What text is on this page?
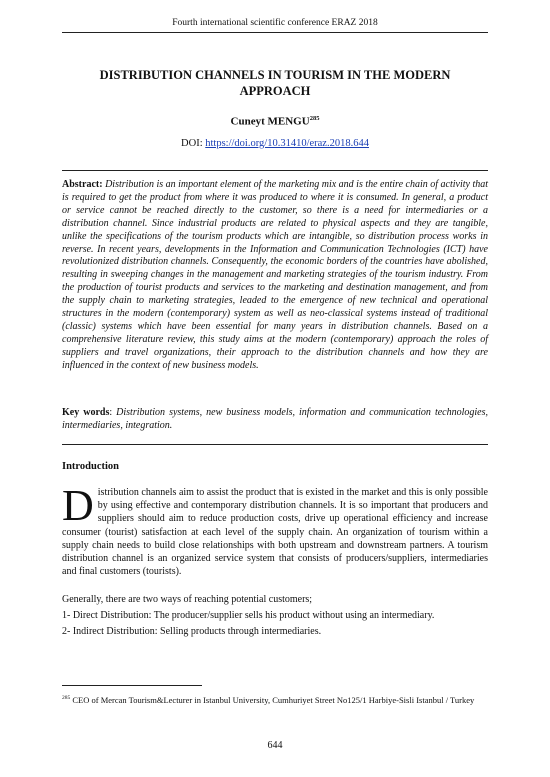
Fourth international scientific conference ERAZ 2018
DISTRIBUTION CHANNELS IN TOURISM IN THE MODERN
APPROACH
Cuneyt MENGU$^{285}$
DOI: https://doi.org/10.31410/eraz.2018.644
Abstract: Distribution is an important element of the marketing mix and is the entire chain of activity that is required to get the product from where it was produced to where it is consumed. In general, a product or service cannot be reached directly to the customer, so there is a need for intermediaries or a distribution channel. Since industrial products are related to physical aspects and they are tangible, unlike the specifications of the tourism products which are intangible, so distribution process works in reverse. In recent years, developments in the Information and Communication Technologies (ICT) have revolutionized distribution channels. Consequently, the economic borders of the countries have abolished, resulting in sweeping changes in the management and marketing strategies of the tourism industry. From the production of tourist products and services to the marketing and destination management, and from the supply chain to marketing strategies, leaded to the emergence of new technical and operational structures in the modern (contemporary) system as well as neo-classical systems instead of traditional (classic) systems which have been essential for many years in distribution channels. Based on a comprehensive literature review, this study aims at the modern (contemporary) approach the roles of suppliers and travel organizations, their approach to the distribution channels and how they are influenced in the context of new business models.
Key words: Distribution systems, new business models, information and communication technologies, intermediaries, integration.
Introduction
Distribution channels aim to assist the product that is existed in the market and this is only possible by using effective and contemporary distribution channels. It is so important that producers and suppliers should aim to reduce production costs, drive up operational efficiency and increase consumer (tourist) satisfaction at each level of the supply chain. An organization of tourism within a supply chain needs to build close relationships with both upstream and downstream partners. A tourism distribution channel is an organized service system that consists of producers/suppliers, intermediaries and final customers (tourists).
Generally, there are two ways of reaching potential customers;
1- Direct Distribution: The producer/supplier sells his product without using an intermediary.
2- Indirect Distribution: Selling products through intermediaries.
$^{285}$ CEO of Mercan Tourism&Lecturer in Istanbul University, Cumhuriyet Street No125/1 Harbiye-Sisli Istanbul / Turkey
644
